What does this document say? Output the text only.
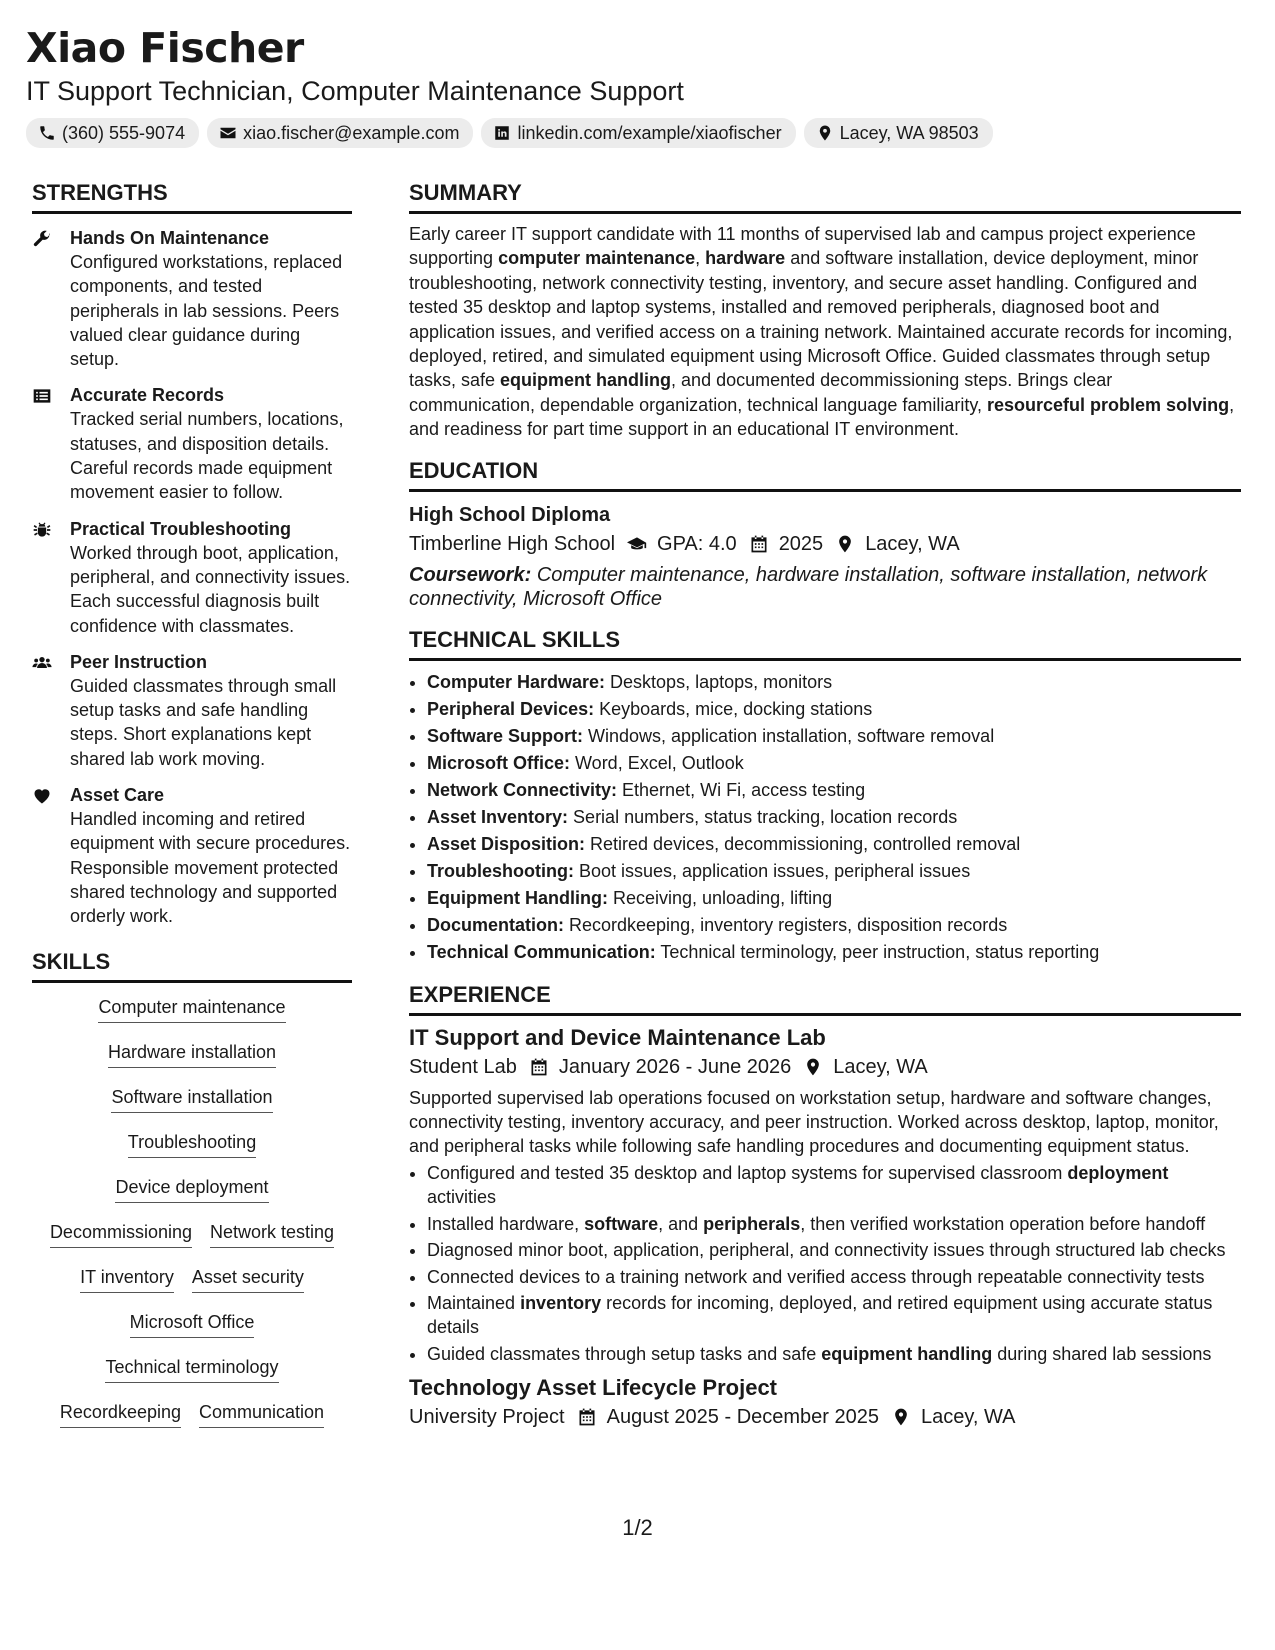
Xiao Fischer
IT Support Technician, Computer Maintenance Support
(360) 555-9074	xiao.fischer@example.com	linkedin.com/example/xiaofischer	Lacey, WA 98503
STRENGTHS
Hands On Maintenance
Configured workstations, replaced components, and tested peripherals in lab sessions. Peers valued clear guidance during setup.
Accurate Records
Tracked serial numbers, locations, statuses, and disposition details. Careful records made equipment movement easier to follow.
Practical Troubleshooting
Worked through boot, application, peripheral, and connectivity issues. Each successful diagnosis built confidence with classmates.
Peer Instruction
Guided classmates through small setup tasks and safe handling steps. Short explanations kept shared lab work moving.
Asset Care
Handled incoming and retired equipment with secure procedures. Responsible movement protected shared technology and supported orderly work.
SKILLS
Computer maintenance
Hardware installation
Software installation
Troubleshooting
Device deployment
Decommissioning Network testing
IT inventory Asset security
Microsoft Office
Technical terminology
Recordkeeping Communication
SUMMARY

Early career IT support candidate with 11 months of supervised lab and campus project experience supporting computer maintenance, hardware and software installation, device deployment, minor troubleshooting, network connectivity testing, inventory, and secure asset handling. Configured and tested 35 desktop and laptop systems, installed and removed peripherals, diagnosed boot and application issues, and verified access on a training network. Maintained accurate records for incoming, deployed, retired, and simulated equipment using Microsoft Office. Guided classmates through setup tasks, safe equipment handling, and documented decommissioning steps. Brings clear communication, dependable organization, technical language familiarity, resourceful problem solving, and readiness for part time support in an educational IT environment.

EDUCATION
High School Diploma
Timberline High School GPA: 4.0 2025 Lacey, WA
Coursework: Computer maintenance, hardware installation, software installation, network connectivity, Microsoft Office
TECHNICAL SKILLS
• Computer Hardware: Desktops, laptops, monitors
• Peripheral Devices: Keyboards, mice, docking stations
• Software Support: Windows, application installation, software removal
• Microsoft Office: Word, Excel, Outlook
• Network Connectivity: Ethernet, Wi Fi, access testing
• Asset Inventory: Serial numbers, status tracking, location records
• Asset Disposition: Retired devices, decommissioning, controlled removal
• Troubleshooting: Boot issues, application issues, peripheral issues
• Equipment Handling: Receiving, unloading, lifting
• Documentation: Recordkeeping, inventory registers, disposition records
• Technical Communication: Technical terminology, peer instruction, status reporting
EXPERIENCE
IT Support and Device Maintenance Lab
Student Lab January 2026 - June 2026 Lacey, WA

Supported supervised lab operations focused on workstation setup, hardware and software changes, connectivity testing, inventory accuracy, and peer instruction. Worked across desktop, laptop, monitor, and peripheral tasks while following safe handling procedures and documenting equipment status.

• Configured and tested 35 desktop and laptop systems for supervised classroom deployment activities
• Installed hardware, software, and peripherals, then verified workstation operation before handoff
• Diagnosed minor boot, application, peripheral, and connectivity issues through structured lab checks
• Connected devices to a training network and verified access through repeatable connectivity tests
• Maintained inventory records for incoming, deployed, and retired equipment using accurate status details
• Guided classmates through setup tasks and safe equipment handling during shared lab sessions
Technology Asset Lifecycle Project
University Project August 2025 - December 2025 Lacey, WA
1/2
